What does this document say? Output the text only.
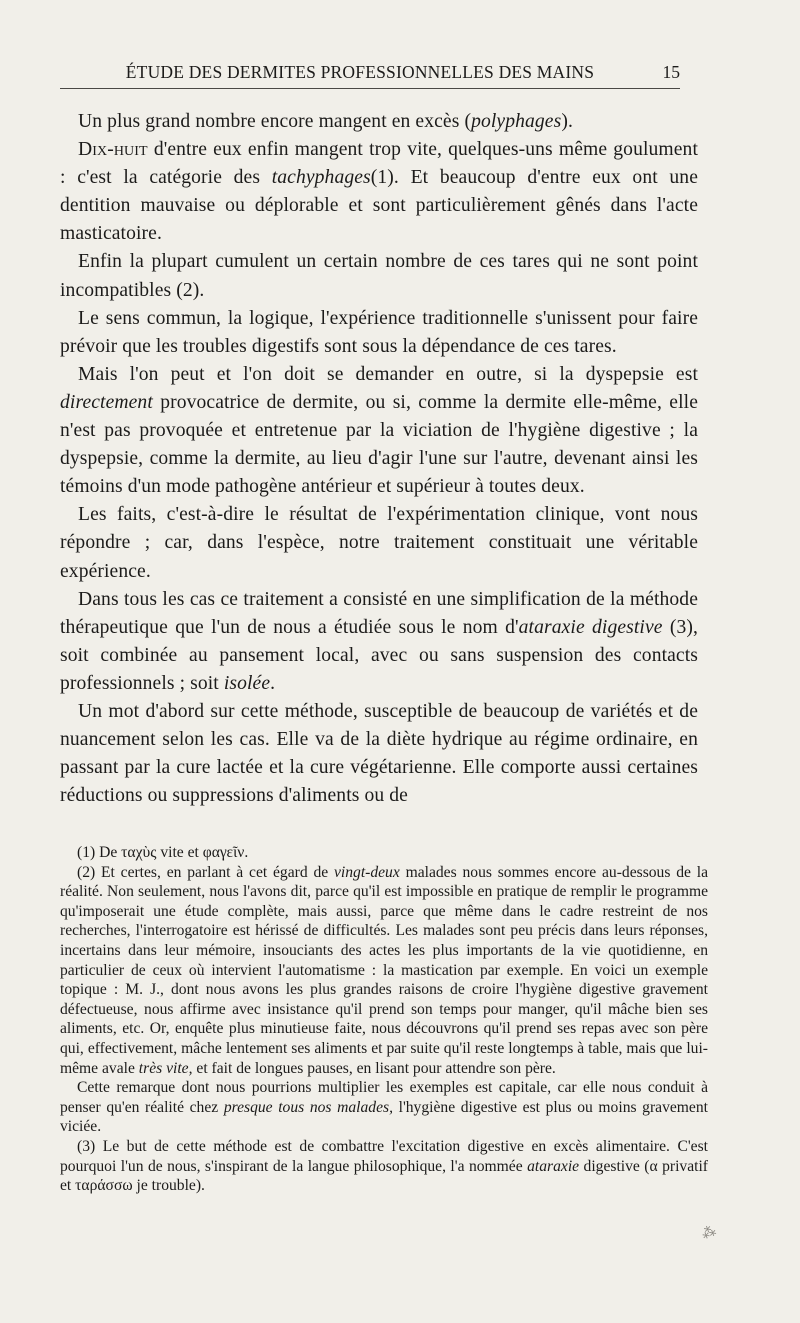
ÉTUDE DES DERMITES PROFESSIONNELLES DES MAINS	15

Un plus grand nombre encore mangent en excès (polyphages).

Dix-huit d'entre eux enfin mangent trop vite, quelques-uns même goulument : c'est la catégorie des tachyphages(1). Et beaucoup d'entre eux ont une dentition mauvaise ou déplorable et sont particulièrement gênés dans l'acte masticatoire.

Enfin la plupart cumulent un certain nombre de ces tares qui ne sont point incompatibles (2).

Le sens commun, la logique, l'expérience traditionnelle s'unissent pour faire prévoir que les troubles digestifs sont sous la dépendance de ces tares.

Mais l'on peut et l'on doit se demander en outre, si la dyspepsie est directement provocatrice de dermite, ou si, comme la dermite elle-même, elle n'est pas provoquée et entretenue par la viciation de l'hygiène digestive ; la dyspepsie, comme la dermite, au lieu d'agir l'une sur l'autre, devenant ainsi les témoins d'un mode pathogène antérieur et supérieur à toutes deux.

Les faits, c'est-à-dire le résultat de l'expérimentation clinique, vont nous répondre ; car, dans l'espèce, notre traitement constituait une véritable expérience.

Dans tous les cas ce traitement a consisté en une simplification de la méthode thérapeutique que l'un de nous a étudiée sous le nom d'ataraxie digestive (3), soit combinée au pansement local, avec ou sans suspension des contacts professionnels ; soit isolée.

Un mot d'abord sur cette méthode, susceptible de beaucoup de variétés et de nuancement selon les cas. Elle va de la diète hydrique au régime ordinaire, en passant par la cure lactée et la cure végétarienne. Elle comporte aussi certaines réductions ou suppressions d'aliments ou de

(1) De ταχὺς vite et φαγεῖν.

(2) Et certes, en parlant à cet égard de vingt-deux malades nous sommes encore au-dessous de la réalité. Non seulement, nous l'avons dit, parce qu'il est impossible en pratique de remplir le programme qu'imposerait une étude complète, mais aussi, parce que même dans le cadre restreint de nos recherches, l'interrogatoire est hérissé de difficultés. Les malades sont peu précis dans leurs réponses, incertains dans leur mémoire, insouciants des actes les plus importants de la vie quotidienne, en particulier de ceux où intervient l'automatisme : la mastication par exemple. En voici un exemple topique : M. J., dont nous avons les plus grandes raisons de croire l'hygiène digestive gravement défectueuse, nous affirme avec insistance qu'il prend son temps pour manger, qu'il mâche bien ses aliments, etc. Or, enquête plus minutieuse faite, nous découvrons qu'il prend ses repas avec son père qui, effectivement, mâche lentement ses aliments et par suite qu'il reste longtemps à table, mais que lui-même avale très vite, et fait de longues pauses, en lisant pour attendre son père.

Cette remarque dont nous pourrions multiplier les exemples est capitale, car elle nous conduit à penser qu'en réalité chez presque tous nos malades, l'hygiène digestive est plus ou moins gravement viciée.

(3) Le but de cette méthode est de combattre l'excitation digestive en excès alimentaire. C'est pourquoi l'un de nous, s'inspirant de la langue philosophique, l'a nommée ataraxie digestive (α privatif et ταράσσω je trouble).

⁂
